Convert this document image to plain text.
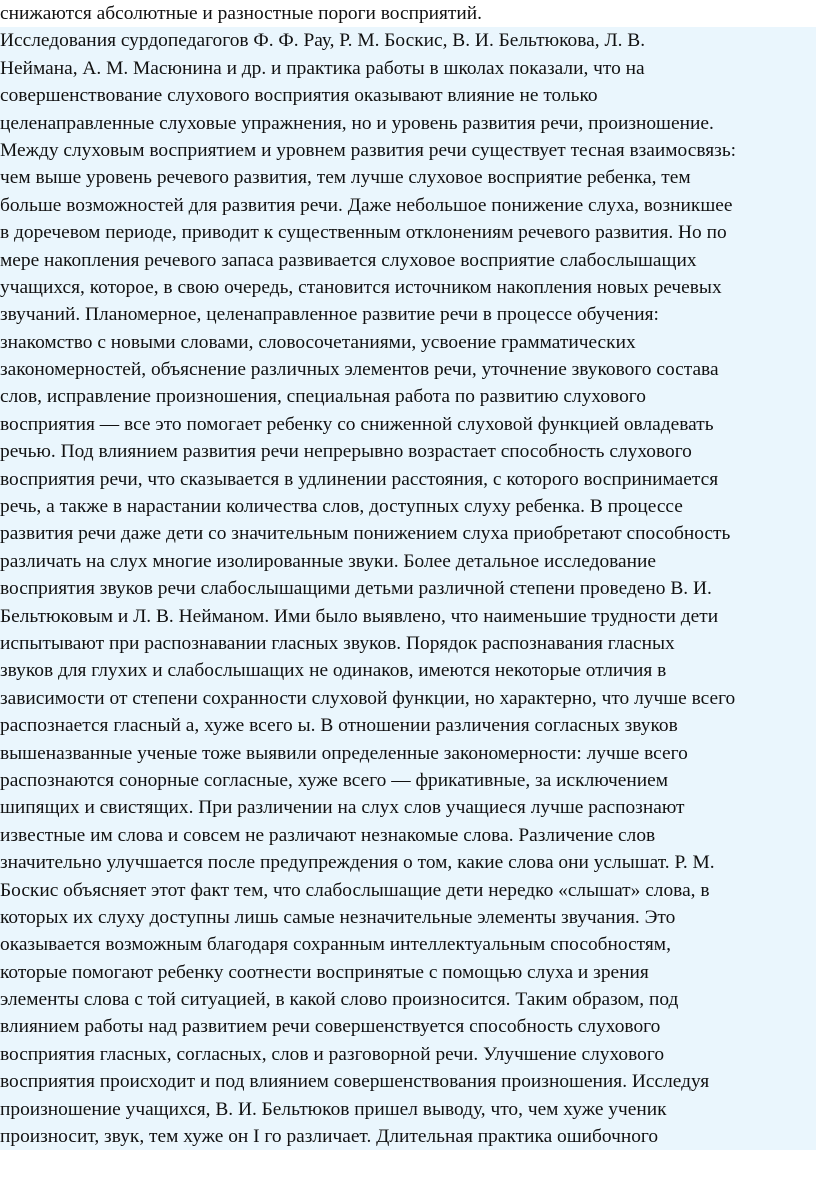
снижаются абсолютные и разностные пороги восприятий.
Исследования сурдопедагогов Ф. Ф. Рау, Р. М. Боскис, В. И. Бельтюкова, Л. В.
Неймана, А. М. Масюнина и др. и практика работы в школах показали, что на
совершенствование слухового восприятия оказывают влияние не только
целенаправленные слуховые упражнения, но и уровень развития речи, произношение.
Между слуховым восприятием и уровнем развития речи существует тесная взаимосвязь:
чем выше уровень речевого развития, тем лучше слуховое восприятие ребенка, тем
больше возможностей для развития речи. Даже небольшое понижение слуха, возникшее
в доречевом периоде, приводит к существенным отклонениям речевого развития. Но по
мере накопления речевого запаса развивается слуховое восприятие слабослышащих
учащихся, которое, в свою очередь, становится источником накопления новых речевых
звучаний. Планомерное, целенаправленное развитие речи в процессе обучения:
знакомство с новыми словами, словосочетаниями, усвоение грамматических
закономерностей, объяснение различных элементов речи, уточнение звукового состава
слов, исправление произношения, специальная работа по развитию слухового
восприятия — все это помогает ребенку со сниженной слуховой функцией овладевать
речью. Под влиянием развития речи непрерывно возрастает способность слухового
восприятия речи, что сказывается в удлинении расстояния, с которого воспринимается
речь, а также в нарастании количества слов, доступных слуху ребенка. В процессе
развития речи даже дети со значительным понижением слуха приобретают способность
различать на слух многие изолированные звуки. Более детальное исследование
восприятия звуков речи слабослышащими детьми различной степени проведено В. И.
Бельтюковым и Л. В. Нейманом. Ими было выявлено, что наименьшие трудности дети
испытывают при распознавании гласных звуков. Порядок распознавания гласных
звуков для глухих и слабослышащих не одинаков, имеются некоторые отличия в
зависимости от степени сохранности слуховой функции, но характерно, что лучше всего
распознается гласный а, хуже всего ы. В отношении различения согласных звуков
вышеназванные ученые тоже выявили определенные закономерности: лучше всего
распознаются сонорные согласные, хуже всего — фрикативные, за исключением
шипящих и свистящих. При различении на слух слов учащиеся лучше распознают
известные им слова и совсем не различают незнакомые слова. Различение слов
значительно улучшается после предупреждения о том, какие слова они услышат. Р. М.
Боскис объясняет этот факт тем, что слабослышащие дети нередко «слышат» слова, в
которых их слуху доступны лишь самые незначительные элементы звучания. Это
оказывается возможным благодаря сохранным интеллектуальным способностям,
которые помогают ребенку соотнести воспринятые с помощью слуха и зрения
элементы слова с той ситуацией, в какой слово произносится. Таким образом, под
влиянием работы над развитием речи совершенствуется способность слухового
восприятия гласных, согласных, слов и разговорной речи. Улучшение слухового
восприятия происходит и под влиянием совершенствования произношения. Исследуя
произношение учащихся, В. И. Бельтюков пришел выводу, что, чем хуже ученик
произносит, звук, тем хуже он I го различает. Длительная практика ошибочного
